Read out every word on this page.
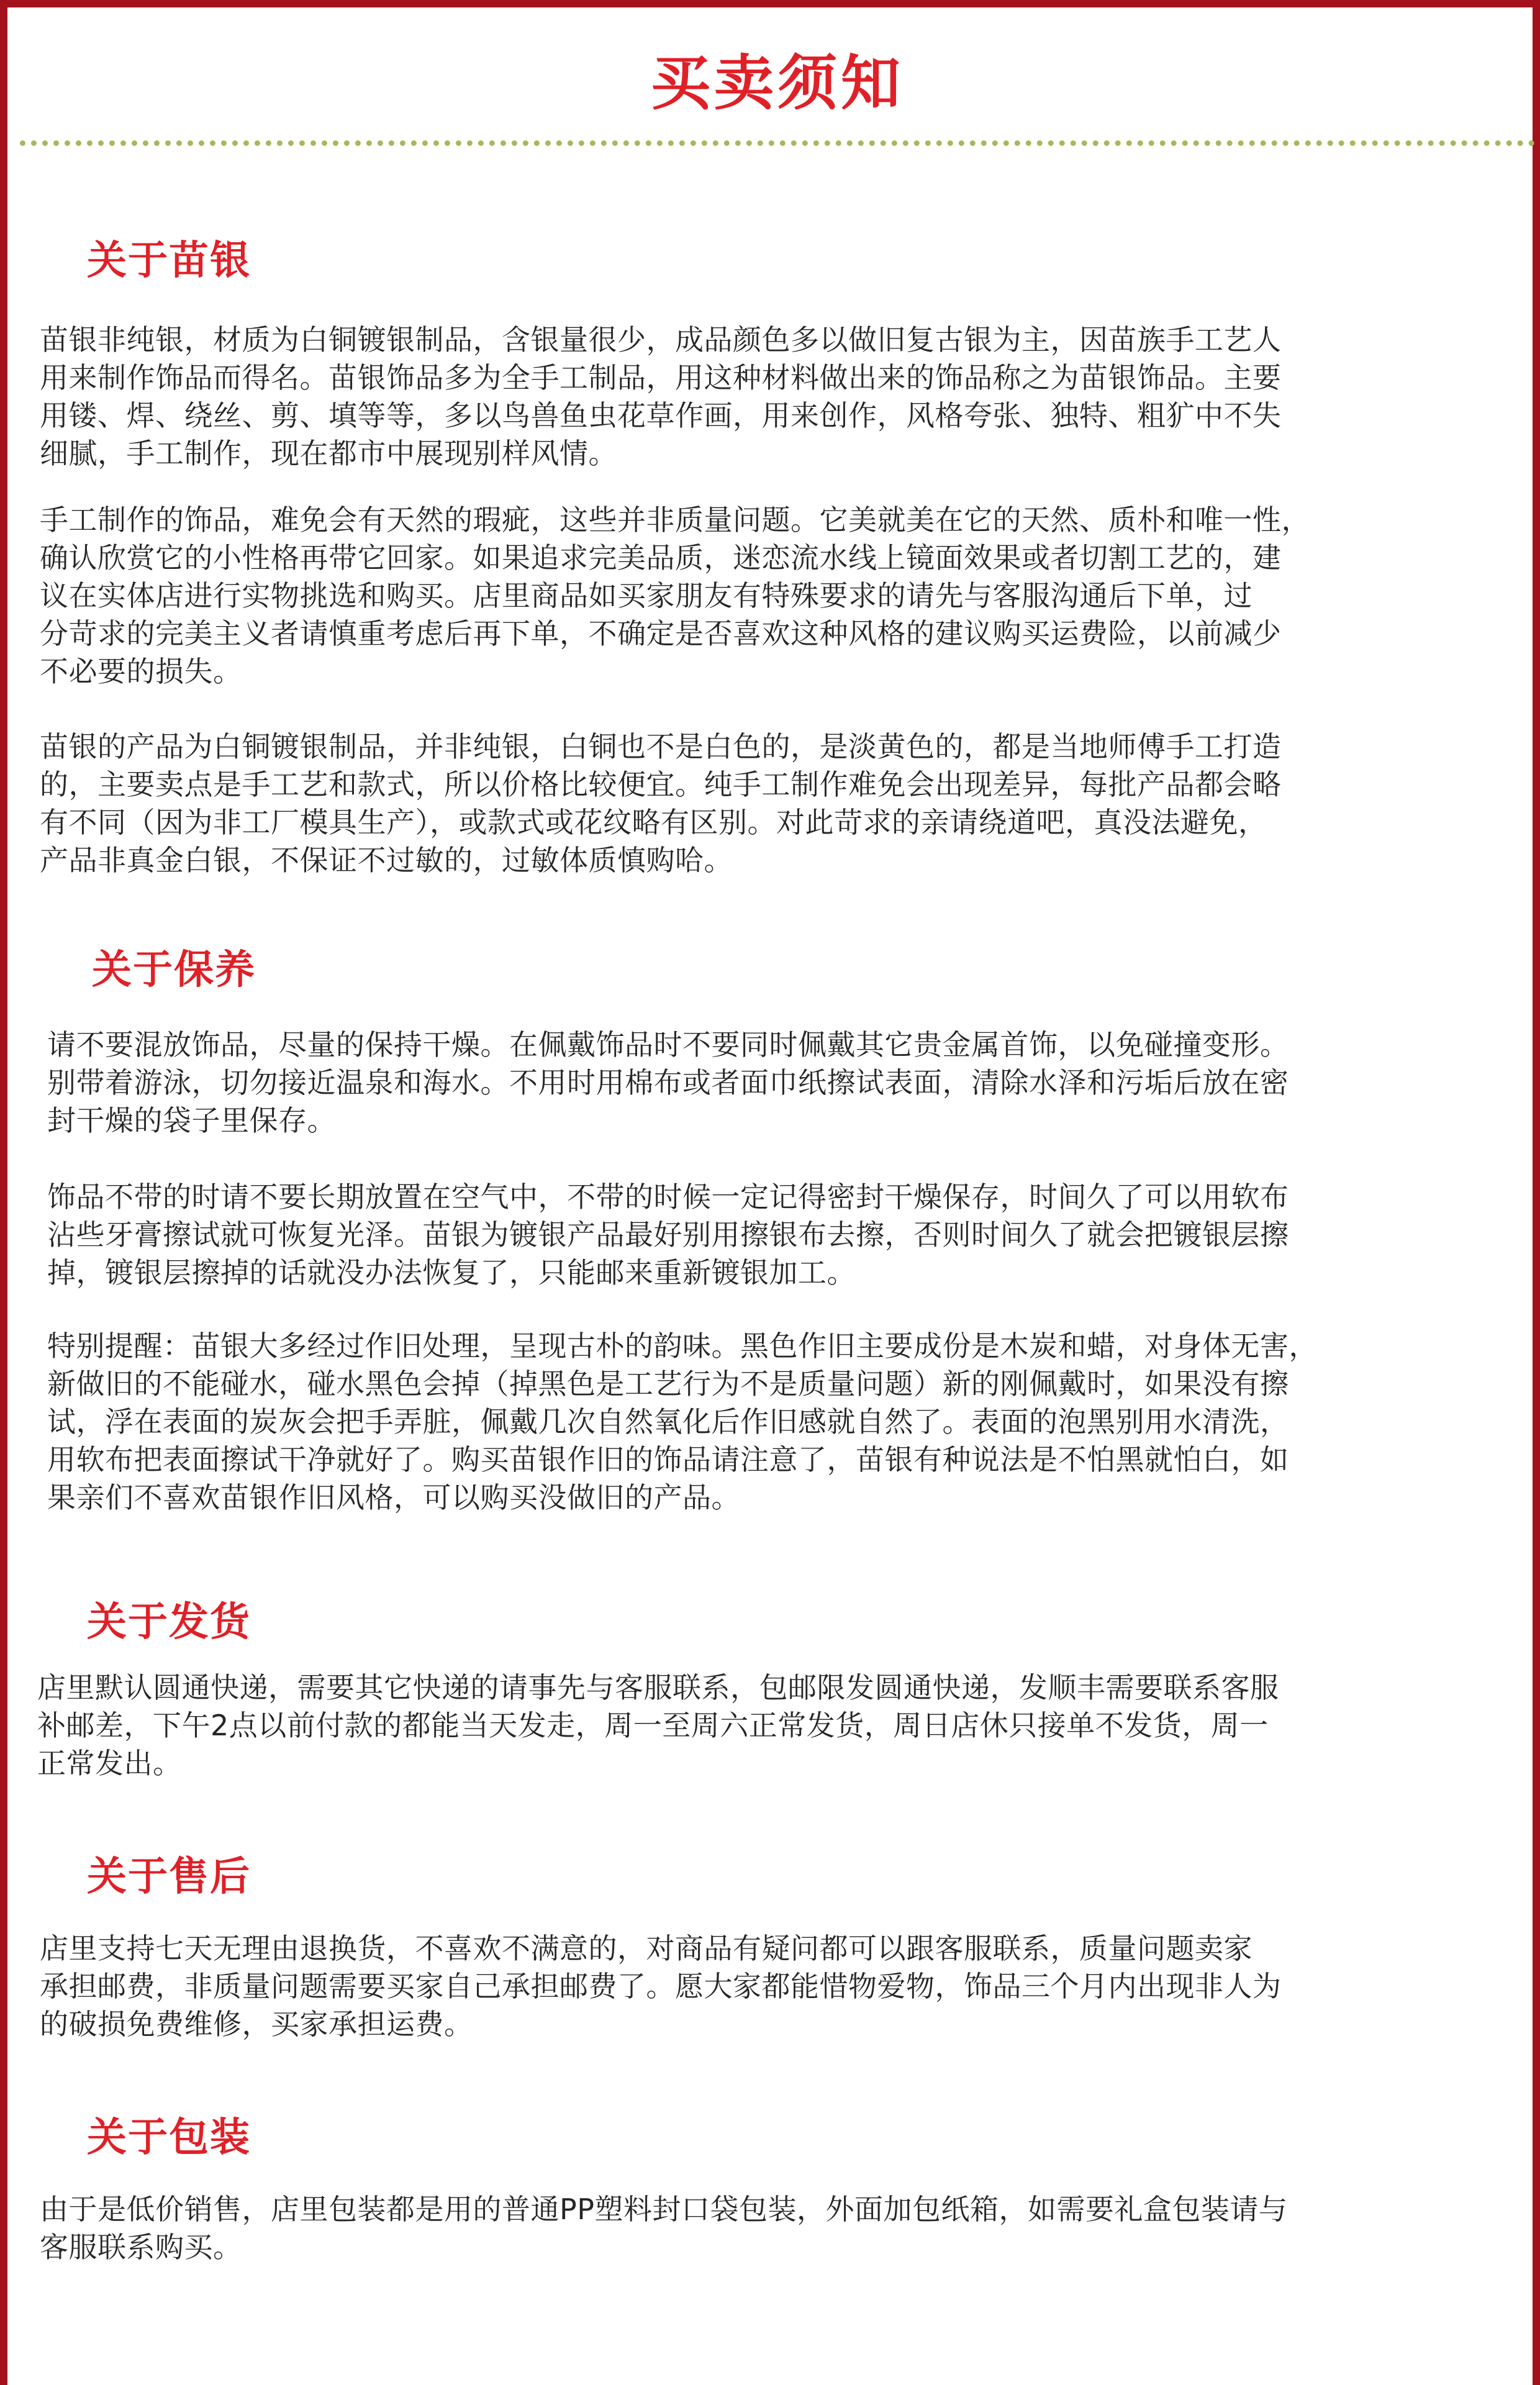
买卖须知
关于苗银

苗银非纯银，材质为白铜镀银制品，含银量很少，成品颜色多以做旧复古银为主，因苗族手工艺人
用来制作饰品而得名。苗银饰品多为全手工制品，用这种材料做出来的饰品称之为苗银饰品。主要
用镂、焊、绕丝、剪、填等等，多以鸟兽鱼虫花草作画，用来创作，风格夸张、独特、粗犷中不失
细腻，手工制作，现在都市中展现别样风情。

手工制作的饰品，难免会有天然的瑕疵，这些并非质量问题。它美就美在它的天然、质朴和唯一性，
确认欣赏它的小性格再带它回家。如果追求完美品质，迷恋流水线上镜面效果或者切割工艺的，建
议在实体店进行实物挑选和购买。店里商品如买家朋友有特殊要求的请先与客服沟通后下单，过
分苛求的完美主义者请慎重考虑后再下单，不确定是否喜欢这种风格的建议购买运费险，以前减少
不必要的损失。

苗银的产品为白铜镀银制品，并非纯银，白铜也不是白色的，是淡黄色的，都是当地师傅手工打造
的，主要卖点是手工艺和款式，所以价格比较便宜。纯手工制作难免会出现差异，每批产品都会略
有不同（因为非工厂模具生产），或款式或花纹略有区别。对此苛求的亲请绕道吧，真没法避免，
产品非真金白银，不保证不过敏的，过敏体质慎购哈。

关于保养

请不要混放饰品，尽量的保持干燥。在佩戴饰品时不要同时佩戴其它贵金属首饰，以免碰撞变形。
别带着游泳，切勿接近温泉和海水。不用时用棉布或者面巾纸擦试表面，清除水泽和污垢后放在密
封干燥的袋子里保存。

饰品不带的时请不要长期放置在空气中，不带的时候一定记得密封干燥保存，时间久了可以用软布
沾些牙膏擦试就可恢复光泽。苗银为镀银产品最好别用擦银布去擦，否则时间久了就会把镀银层擦
掉，镀银层擦掉的话就没办法恢复了，只能邮来重新镀银加工。

特别提醒：苗银大多经过作旧处理，呈现古朴的韵味。黑色作旧主要成份是木炭和蜡，对身体无害，
新做旧的不能碰水，碰水黑色会掉（掉黑色是工艺行为不是质量问题）新的刚佩戴时，如果没有擦
试，浮在表面的炭灰会把手弄脏，佩戴几次自然氧化后作旧感就自然了。表面的泡黑别用水清洗，
用软布把表面擦试干净就好了。购买苗银作旧的饰品请注意了，苗银有种说法是不怕黑就怕白，如
果亲们不喜欢苗银作旧风格，可以购买没做旧的产品。

关于发货

店里默认圆通快递，需要其它快递的请事先与客服联系，包邮限发圆通快递，发顺丰需要联系客服
补邮差，下午2点以前付款的都能当天发走，周一至周六正常发货，周日店休只接单不发货，周一
正常发出。

关于售后

店里支持七天无理由退换货，不喜欢不满意的，对商品有疑问都可以跟客服联系，质量问题卖家
承担邮费，非质量问题需要买家自己承担邮费了。愿大家都能惜物爱物，饰品三个月内出现非人为
的破损免费维修，买家承担运费。

关于包装

由于是低价销售，店里包装都是用的普通PP塑料封口袋包装，外面加包纸箱，如需要礼盒包装请与
客服联系购买。
